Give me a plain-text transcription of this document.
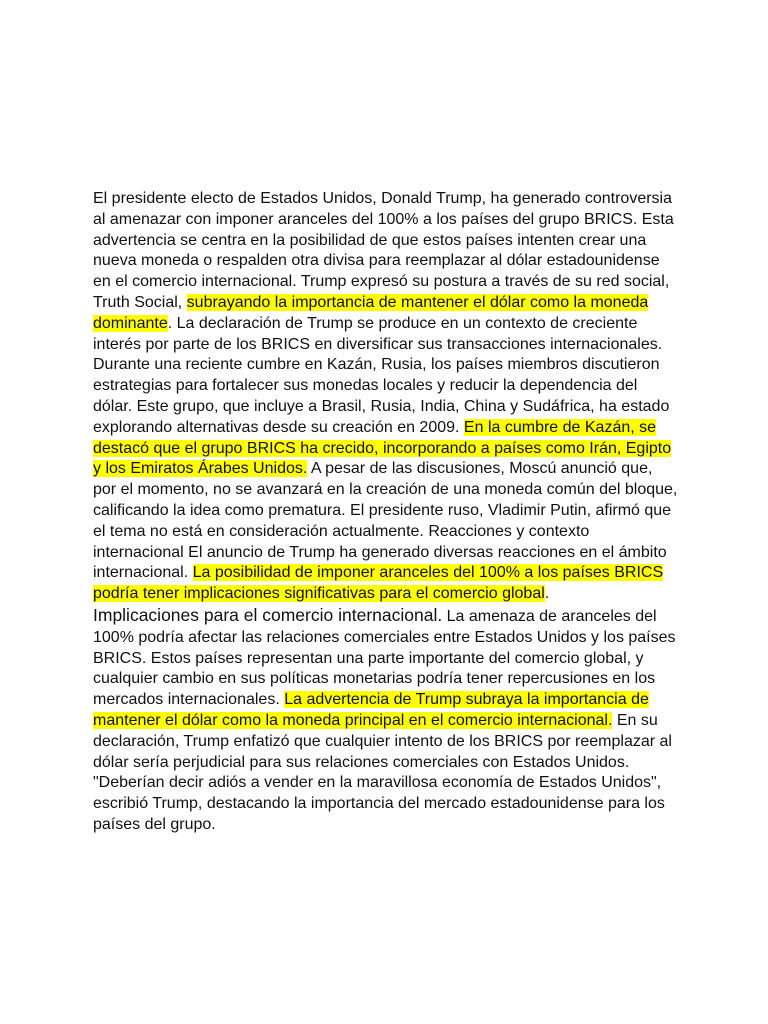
El presidente electo de Estados Unidos, Donald Trump, ha generado controversia al amenazar con imponer aranceles del 100% a los países del grupo BRICS. Esta advertencia se centra en la posibilidad de que estos países intenten crear una nueva moneda o respalden otra divisa para reemplazar al dólar estadounidense en el comercio internacional. Trump expresó su postura a través de su red social, Truth Social, subrayando la importancia de mantener el dólar como la moneda dominante. La declaración de Trump se produce en un contexto de creciente interés por parte de los BRICS en diversificar sus transacciones internacionales. Durante una reciente cumbre en Kazán, Rusia, los países miembros discutieron estrategias para fortalecer sus monedas locales y reducir la dependencia del dólar. Este grupo, que incluye a Brasil, Rusia, India, China y Sudáfrica, ha estado explorando alternativas desde su creación en 2009. En la cumbre de Kazán, se destacó que el grupo BRICS ha crecido, incorporando a países como Irán, Egipto y los Emiratos Árabes Unidos. A pesar de las discusiones, Moscú anunció que, por el momento, no se avanzará en la creación de una moneda común del bloque, calificando la idea como prematura. El presidente ruso, Vladimir Putin, afirmó que el tema no está en consideración actualmente. Reacciones y contexto internacional El anuncio de Trump ha generado diversas reacciones en el ámbito internacional. La posibilidad de imponer aranceles del 100% a los países BRICS podría tener implicaciones significativas para el comercio global.

Implicaciones para el comercio internacional. La amenaza de aranceles del 100% podría afectar las relaciones comerciales entre Estados Unidos y los países BRICS. Estos países representan una parte importante del comercio global, y cualquier cambio en sus políticas monetarias podría tener repercusiones en los mercados internacionales. La advertencia de Trump subraya la importancia de mantener el dólar como la moneda principal en el comercio internacional. En su declaración, Trump enfatizó que cualquier intento de los BRICS por reemplazar al dólar sería perjudicial para sus relaciones comerciales con Estados Unidos. "Deberían decir adiós a vender en la maravillosa economía de Estados Unidos", escribió Trump, destacando la importancia del mercado estadounidense para los países del grupo.
